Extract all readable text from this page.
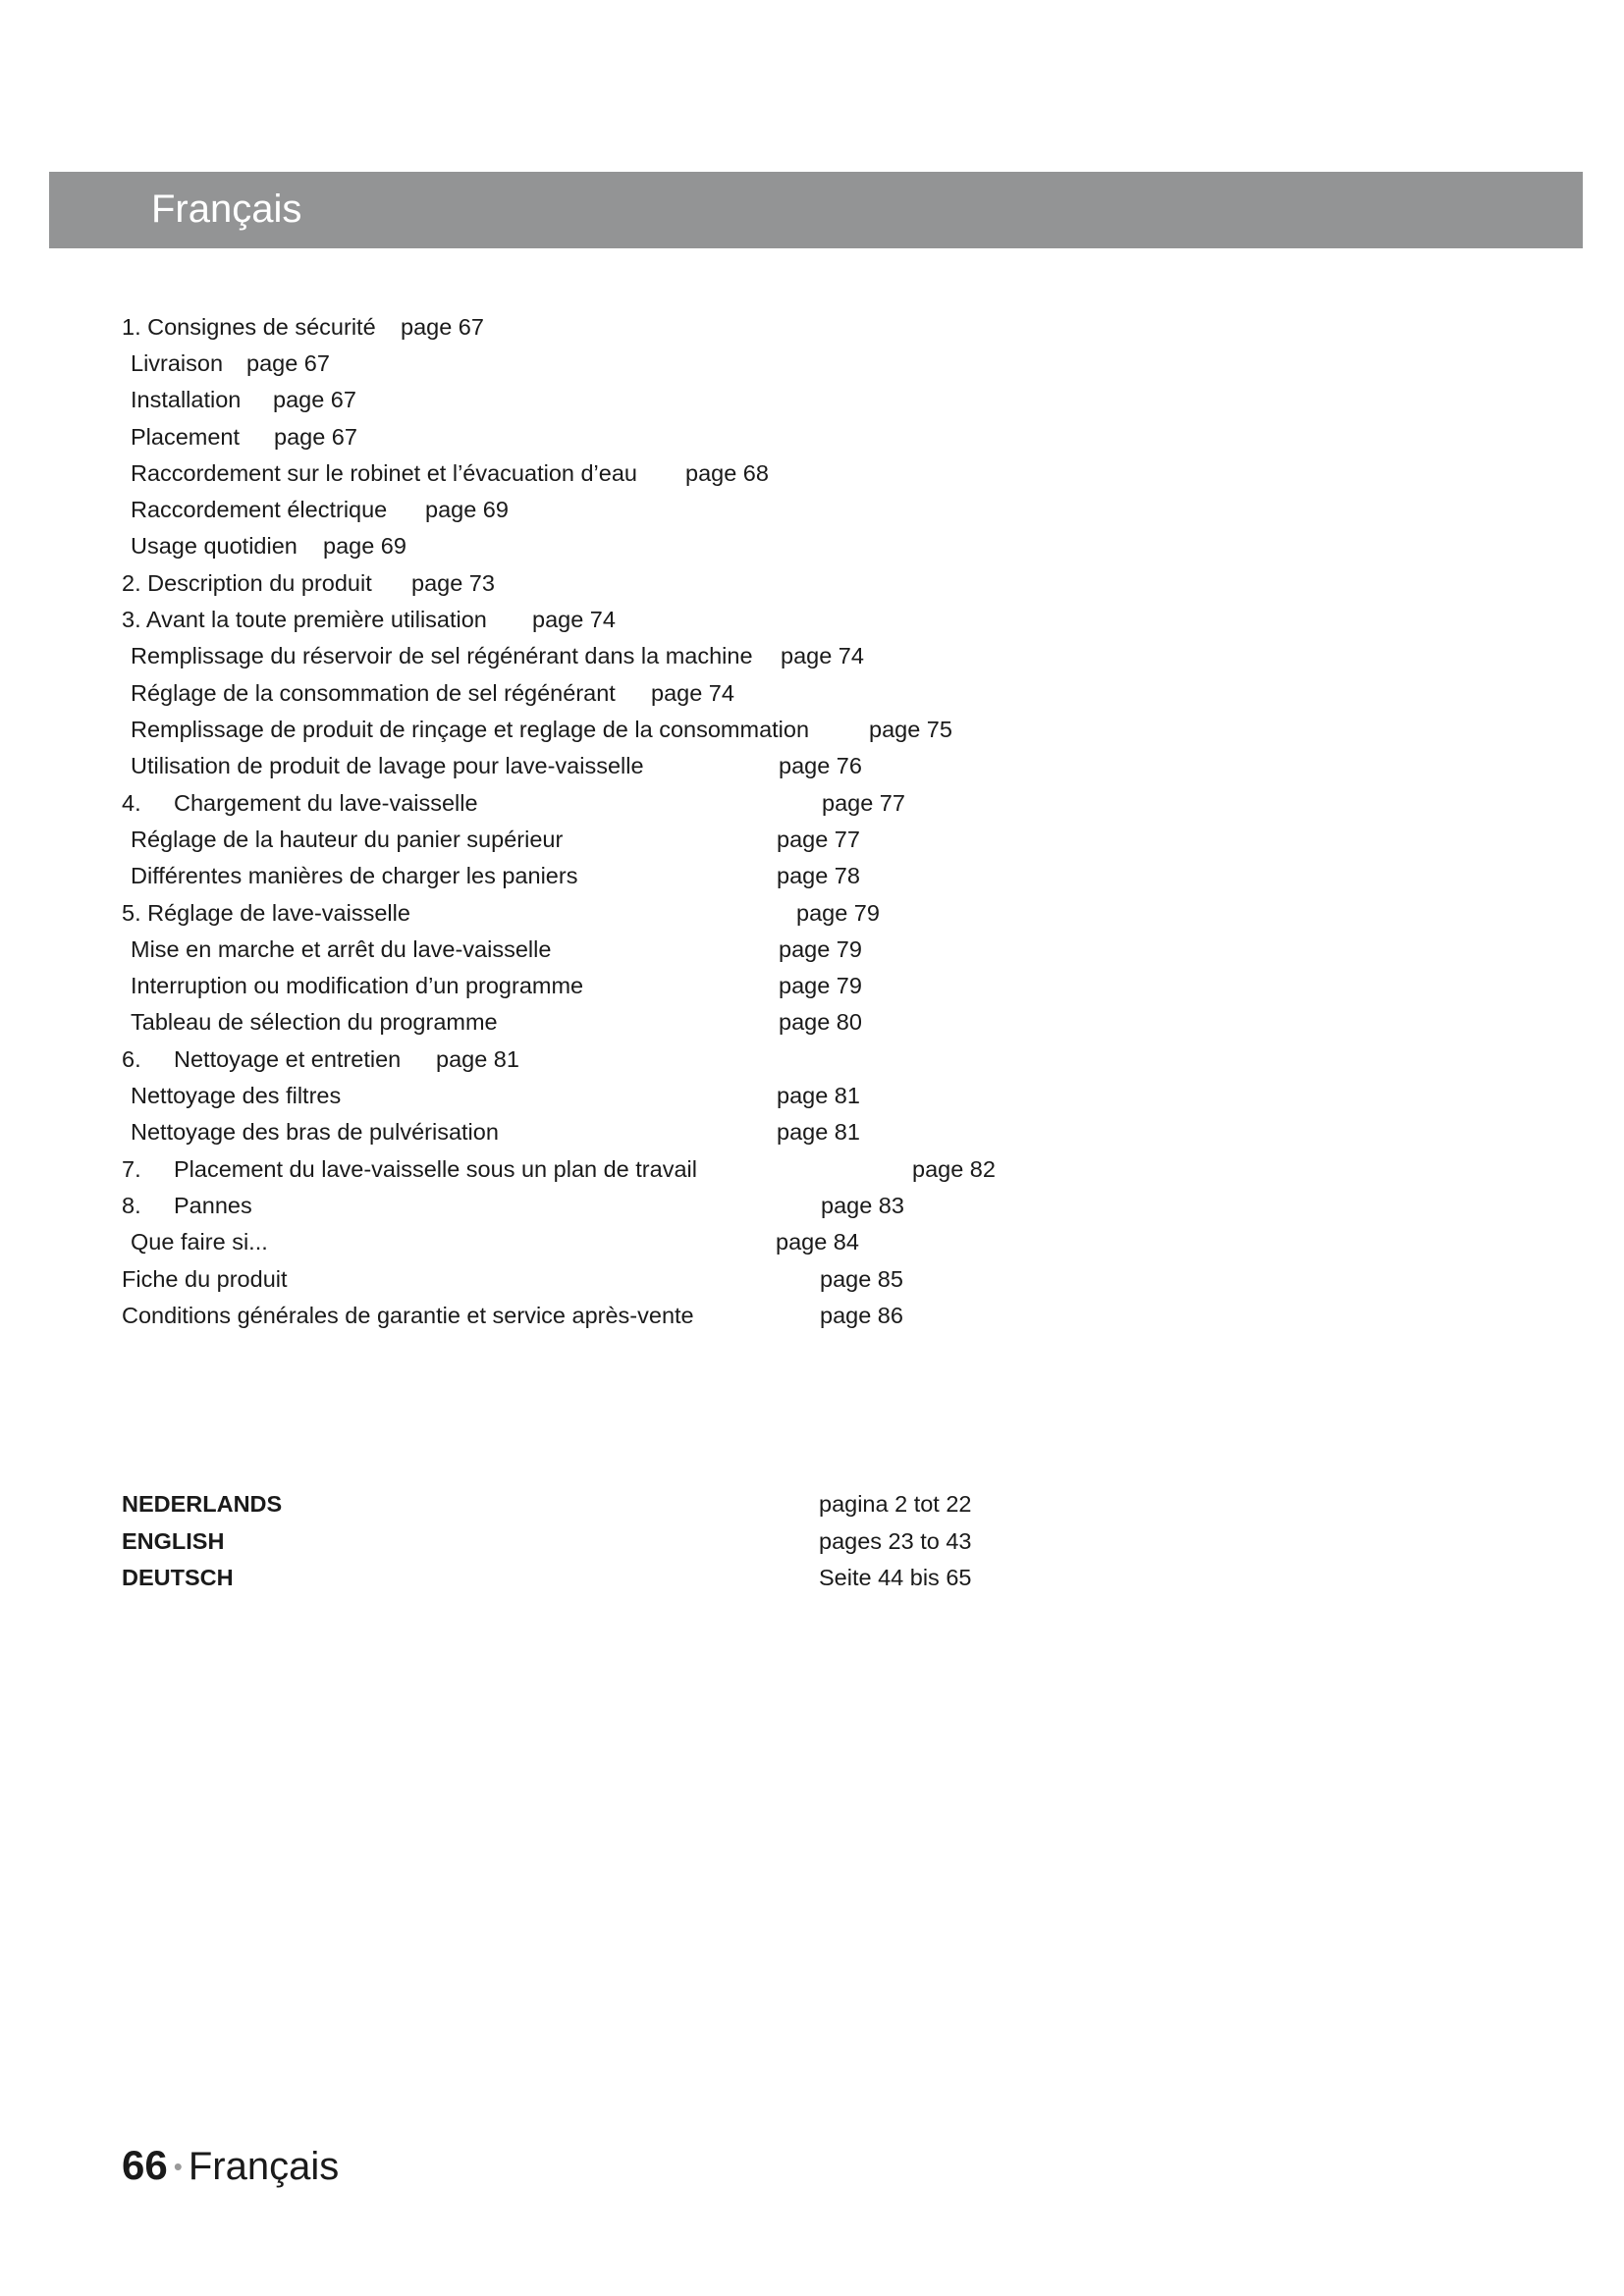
Français
1. Consignes de sécurité page 67
Livraison page 67
Installation page 67
Placement page 67
Raccordement sur le robinet et l’évacuation d’eau page 68
Raccordement électrique page 69
Usage quotidien page 69
2. Description du produit page 73
3. Avant la toute première utilisation page 74
Remplissage du réservoir de sel régénérant dans la machine page 74
Réglage de la consommation de sel régénérant page 74
Remplissage de produit de rinçage et reglage de la consommation	page 75
Utilisation de produit de lavage pour lave-vaisselle	page 76
4. Chargement du lave-vaisselle	page 77
Réglage de la hauteur du panier supérieur	page 77
Différentes manières de charger les paniers	page 78
5. Réglage de lave-vaisselle	page 79
Mise en marche et arrêt du lave-vaisselle	page 79
Interruption ou modification d’un programme	page 79
Tableau de sélection du programme	page 80
6. Nettoyage et entretien page 81
Nettoyage des filtres	page 81
Nettoyage des bras de pulvérisation	page 81
7. Placement du lave-vaisselle sous un plan de travail	page 82
8. Pannes	page 83
Que faire si...	page 84
Fiche du produit	page 85
Conditions générales de garantie et service après-vente	page 86
NEDERLANDS	pagina 2 tot 22
ENGLISH	pages 23 to 43
DEUTSCH	Seite 44 bis 65
66 • Français
